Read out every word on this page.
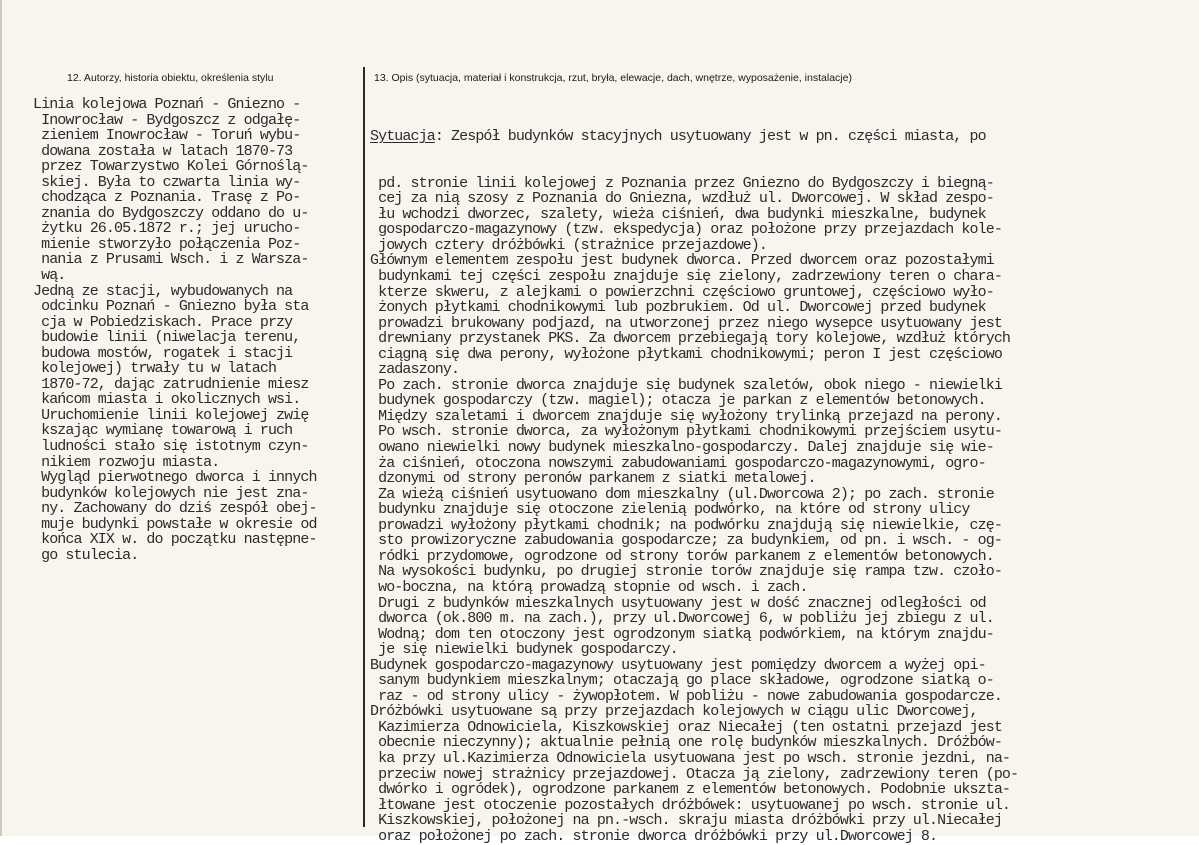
12. Autorzy, historia obiektu, określenia stylu	13. Opis (sytuacja, materiał i konstrukcja, rzut, bryła, elewacje, dach, wnętrze, wyposażenie, instalacje)
Linia kolejowa Poznań - Gniezno -
Inowrocław - Bydgoszcz z odgałę-
zieniem Inowrocław - Toruń wybu-
dowana została w latach 1870-73
przez Towarzystwo Kolei Górnoślą-
skiej. Była to czwarta linia wy-
chodząca z Poznania. Trasę z Po-
znania do Bydgoszczy oddano do u-
żytku 26.05.1872 r.; jej urucho-
mienie stworzyło połączenia Poz-
nania z Prusami Wsch. i z Warsza-
wą.
Jedną ze stacji, wybudowanych na
odcinku Poznań - Gniezno była sta
cja w Pobiedziskach. Prace przy
budowie linii (niwelacja terenu,
budowa mostów, rogatek i stacji
kolejowej) trwały tu w latach
1870-72, dając zatrudnienie miesz
kańcom miasta i okolicznych wsi.
Uruchomienie linii kolejowej zwię
kszając wymianę towarową i ruch
ludności stało się istotnym czyn-
nikiem rozwoju miasta.
Wygląd pierwotnego dworca i innych
budynków kolejowych nie jest zna-
ny. Zachowany do dziś zespół obej-
muje budynki powstałe w okresie od
końca XIX w. do początku następne-
go stulecia.

Sytuacja: Zespół budynków stacyjnych usytuowany jest w pn. części miasta, po

pd. stronie linii kolejowej z Poznania przez Gniezno do Bydgoszczy i biegną-
cej za nią szosy z Poznania do Gniezna, wzdłuż ul. Dworcowej. W skład zespo-
łu wchodzi dworzec, szalety, wieża ciśnień, dwa budynki mieszkalne, budynek
gospodarczo-magazynowy (tzw. ekspedycja) oraz położone przy przejazdach kole-
jowych cztery dróżbówki (strażnice przejazdowe).
Głównym elementem zespołu jest budynek dworca. Przed dworcem oraz pozostałymi
budynkami tej części zespołu znajduje się zielony, zadrzewiony teren o chara-
kterze skweru, z alejkami o powierzchni częściowo gruntowej, częściowo wyło-
żonych płytkami chodnikowymi lub pozbrukiem. Od ul. Dworcowej przed budynek
prowadzi brukowany podjazd, na utworzonej przez niego wysepce usytuowany jest
drewniany przystanek PKS. Za dworcem przebiegają tory kolejowe, wzdłuż których
ciągną się dwa perony, wyłożone płytkami chodnikowymi; peron I jest częściowo
zadaszony.
Po zach. stronie dworca znajduje się budynek szaletów, obok niego - niewielki
budynek gospodarczy (tzw. magiel); otacza je parkan z elementów betonowych.
Między szaletami i dworcem znajduje się wyłożony trylinką przejazd na perony.
Po wsch. stronie dworca, za wyłożonym płytkami chodnikowymi przejściem usytu-
owano niewielki nowy budynek mieszkalno-gospodarczy. Dalej znajduje się wie-
ża ciśnień, otoczona nowszymi zabudowaniami gospodarczo-magazynowymi, ogro-
dzonymi od strony peronów parkanem z siatki metalowej.
Za wieżą ciśnień usytuowano dom mieszkalny (ul.Dworcowa 2); po zach. stronie
budynku znajduje się otoczone zielenią podwórko, na które od strony ulicy
prowadzi wyłożony płytkami chodnik; na podwórku znajdują się niewielkie, czę-
sto prowizoryczne zabudowania gospodarcze; za budynkiem, od pn. i wsch. - og-
ródki przydomowe, ogrodzone od strony torów parkanem z elementów betonowych.
Na wysokości budynku, po drugiej stronie torów znajduje się rampa tzw. czoło-
wo-boczna, na którą prowadzą stopnie od wsch. i zach.
Drugi z budynków mieszkalnych usytuowany jest w dość znacznej odległości od
dworca (ok.800 m. na zach.), przy ul.Dworcowej 6, w pobliżu jej zbiegu z ul.
Wodną; dom ten otoczony jest ogrodzonym siatką podwórkiem, na którym znajdu-
je się niewielki budynek gospodarczy.
Budynek gospodarczo-magazynowy usytuowany jest pomiędzy dworcem a wyżej opi-
sanym budynkiem mieszkalnym; otaczają go place składowe, ogrodzone siatką o-
raz - od strony ulicy - żywopłotem. W pobliżu - nowe zabudowania gospodarcze.
Dróżbówki usytuowane są przy przejazdach kolejowych w ciągu ulic Dworcowej,
Kazimierza Odnowiciela, Kiszkowskiej oraz Niecałej (ten ostatni przejazd jest
obecnie nieczynny); aktualnie pełnią one rolę budynków mieszkalnych. Dróżbów-
ka przy ul.Kazimierza Odnowiciela usytuowana jest po wsch. stronie jezdni, na-
przeciw nowej strażnicy przejazdowej. Otacza ją zielony, zadrzewiony teren (po-
dwórko i ogródek), ogrodzone parkanem z elementów betonowych. Podobnie ukszta-
łtowane jest otoczenie pozostałych dróżbówek: usytuowanej po wsch. stronie ul.
Kiszkowskiej, położonej na pn.-wsch. skraju miasta dróżbówki przy ul.Niecałej
oraz położonej po zach. stronie dworca dróżbówki przy ul.Dworcowej 8.
